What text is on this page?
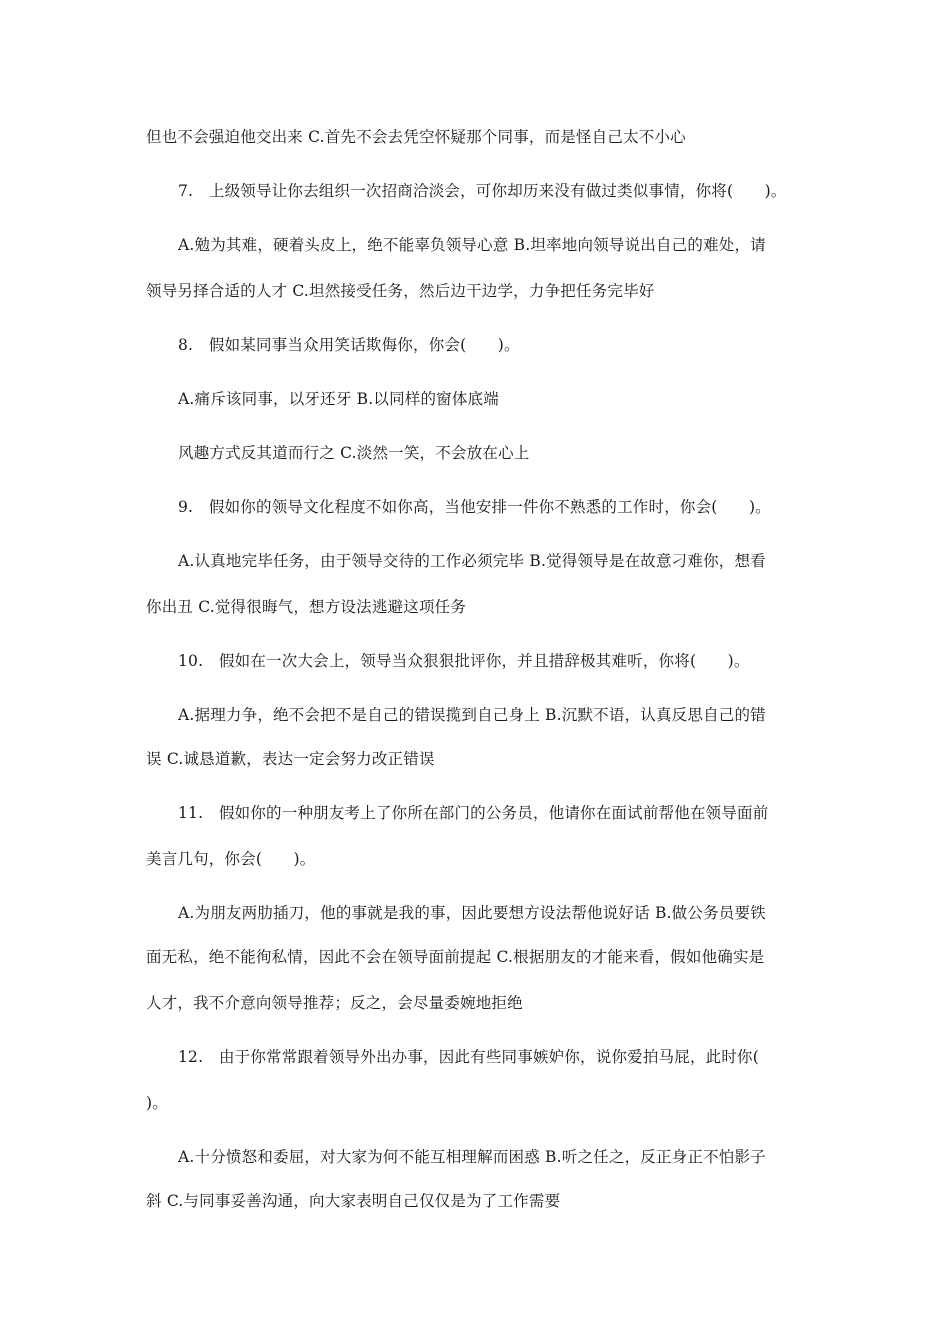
但也不会强迫他交出来 C.首先不会去凭空怀疑那个同事，而是怪自己太不小心
7.　上级领导让你去组织一次招商洽淡会，可你却历来没有做过类似事情，你将(　　)。
A.勉为其难，硬着头皮上，绝不能辜负领导心意 B.坦率地向领导说出自己的难处，请
领导另择合适的人才 C.坦然接受任务，然后边干边学，力争把任务完毕好
8.　假如某同事当众用笑话欺侮你，你会(　　)。
A.痛斥该同事，以牙还牙 B.以同样的窗体底端
风趣方式反其道而行之 C.淡然一笑，不会放在心上
9.　假如你的领导文化程度不如你高，当他安排一件你不熟悉的工作时，你会(　　)。
A.认真地完毕任务，由于领导交待的工作必须完毕 B.觉得领导是在故意刁难你，想看
你出丑 C.觉得很晦气，想方设法逃避这项任务
10.　假如在一次大会上，领导当众狠狠批评你，并且措辞极其难听，你将(　　)。
A.据理力争，绝不会把不是自己的错误揽到自己身上 B.沉默不语，认真反思自己的错
误 C.诚恳道歉，表达一定会努力改正错误
11.　假如你的一种朋友考上了你所在部门的公务员，他请你在面试前帮他在领导面前
美言几句，你会(　　)。
A.为朋友两肋插刀，他的事就是我的事，因此要想方设法帮他说好话 B.做公务员要铁
面无私，绝不能徇私情，因此不会在领导面前提起 C.根据朋友的才能来看，假如他确实是
人才，我不介意向领导推荐；反之，会尽量委婉地拒绝
12.　由于你常常跟着领导外出办事，因此有些同事嫉妒你，说你爱拍马屁，此时你(
)。
A.十分愤怒和委屈，对大家为何不能互相理解而困惑 B.听之任之，反正身正不怕影子
斜 C.与同事妥善沟通，向大家表明自己仅仅是为了工作需要
